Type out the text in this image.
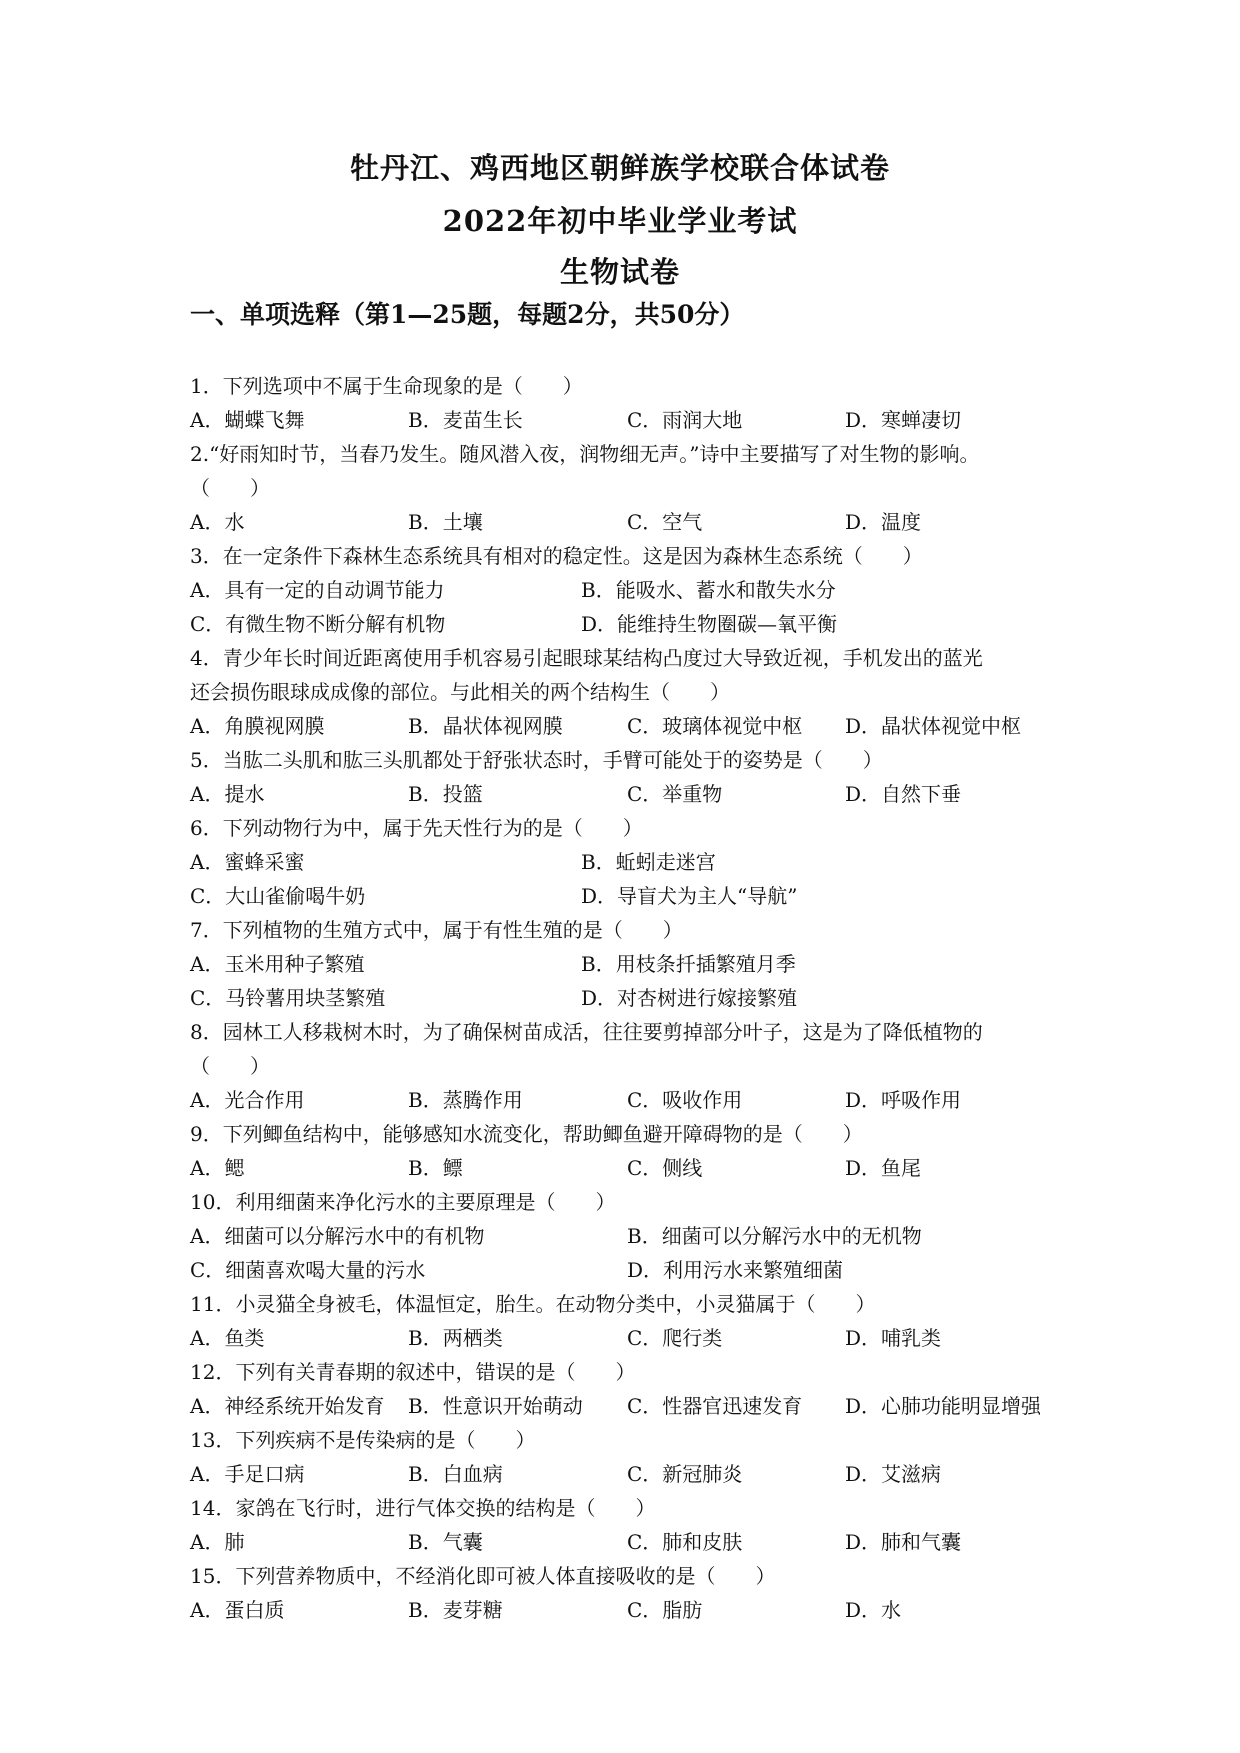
牡丹江、鸡西地区朝鲜族学校联合体试卷
2022年初中毕业学业考试
生物试卷
一、单项选释（第1—25题，每题2分，共50分）
1．下列选项中不属于生命现象的是（　　）
A．蝴蝶飞舞	B．麦苗生长	C．雨润大地	D．寒蝉凄切
2.“好雨知时节，当春乃发生。随风潜入夜，润物细无声。”诗中主要描写了对生物的影响。
（　　）
A．水	B．土壤	C．空气	D．温度
3．在一定条件下森林生态系统具有相对的稳定性。这是因为森林生态系统（　　）
A．具有一定的自动调节能力	B．能吸水、蓄水和散失水分
C．有微生物不断分解有机物	D．能维持生物圈碳—氧平衡
4．青少年长时间近距离使用手机容易引起眼球某结构凸度过大导致近视，手机发出的蓝光
还会损伤眼球成成像的部位。与此相关的两个结构生（　　）
A．角膜视网膜	B．晶状体视网膜	C．玻璃体视觉中枢 D．晶状体视觉中枢
5．当肱二头肌和肱三头肌都处于舒张状态时，手臂可能处于的姿势是（　　）
A．提水	B．投篮	C．举重物	D．自然下垂
6．下列动物行为中，属于先天性行为的是（　　）
A．蜜蜂采蜜	B．蚯蚓走迷宫
C．大山雀偷喝牛奶	D．导盲犬为主人“导航”
7．下列植物的生殖方式中，属于有性生殖的是（　　）
A．玉米用种子繁殖	B．用枝条扦插繁殖月季
C．马铃薯用块茎繁殖	D．对杏树进行嫁接繁殖
8．园林工人移栽树木时，为了确保树苗成活，往往要剪掉部分叶子，这是为了降低植物的
（　　）
A．光合作用	B．蒸腾作用	C．吸收作用	D．呼吸作用
9．下列鲫鱼结构中，能够感知水流变化，帮助鲫鱼避开障碍物的是（　　）
A．鳃	B．鳔	C．侧线	D．鱼尾
10．利用细菌来净化污水的主要原理是（　　）
A．细菌可以分解污水中的有机物	B．细菌可以分解污水中的无机物
C．细菌喜欢喝大量的污水	D．利用污水来繁殖细菌
11．小灵猫全身被毛，体温恒定，胎生。在动物分类中，小灵猫属于（　　）
A．鱼类	B．两栖类	C．爬行类	D．哺乳类
12．下列有关青春期的叙述中，错误的是（　　）
A．神经系统开始发育 B．性意识开始萌动 C．性器官迅速发育 D．心肺功能明显增强
13．下列疾病不是传染病的是（　　）
A．手足口病	B．白血病	C．新冠肺炎	D．艾滋病
14．家鸽在飞行时，进行气体交换的结构是（　　）
A．肺	B．气囊	C．肺和皮肤	D．肺和气囊
15．下列营养物质中，不经消化即可被人体直接吸收的是（　　）
A．蛋白质	B．麦芽糖	C．脂肪	D．水
